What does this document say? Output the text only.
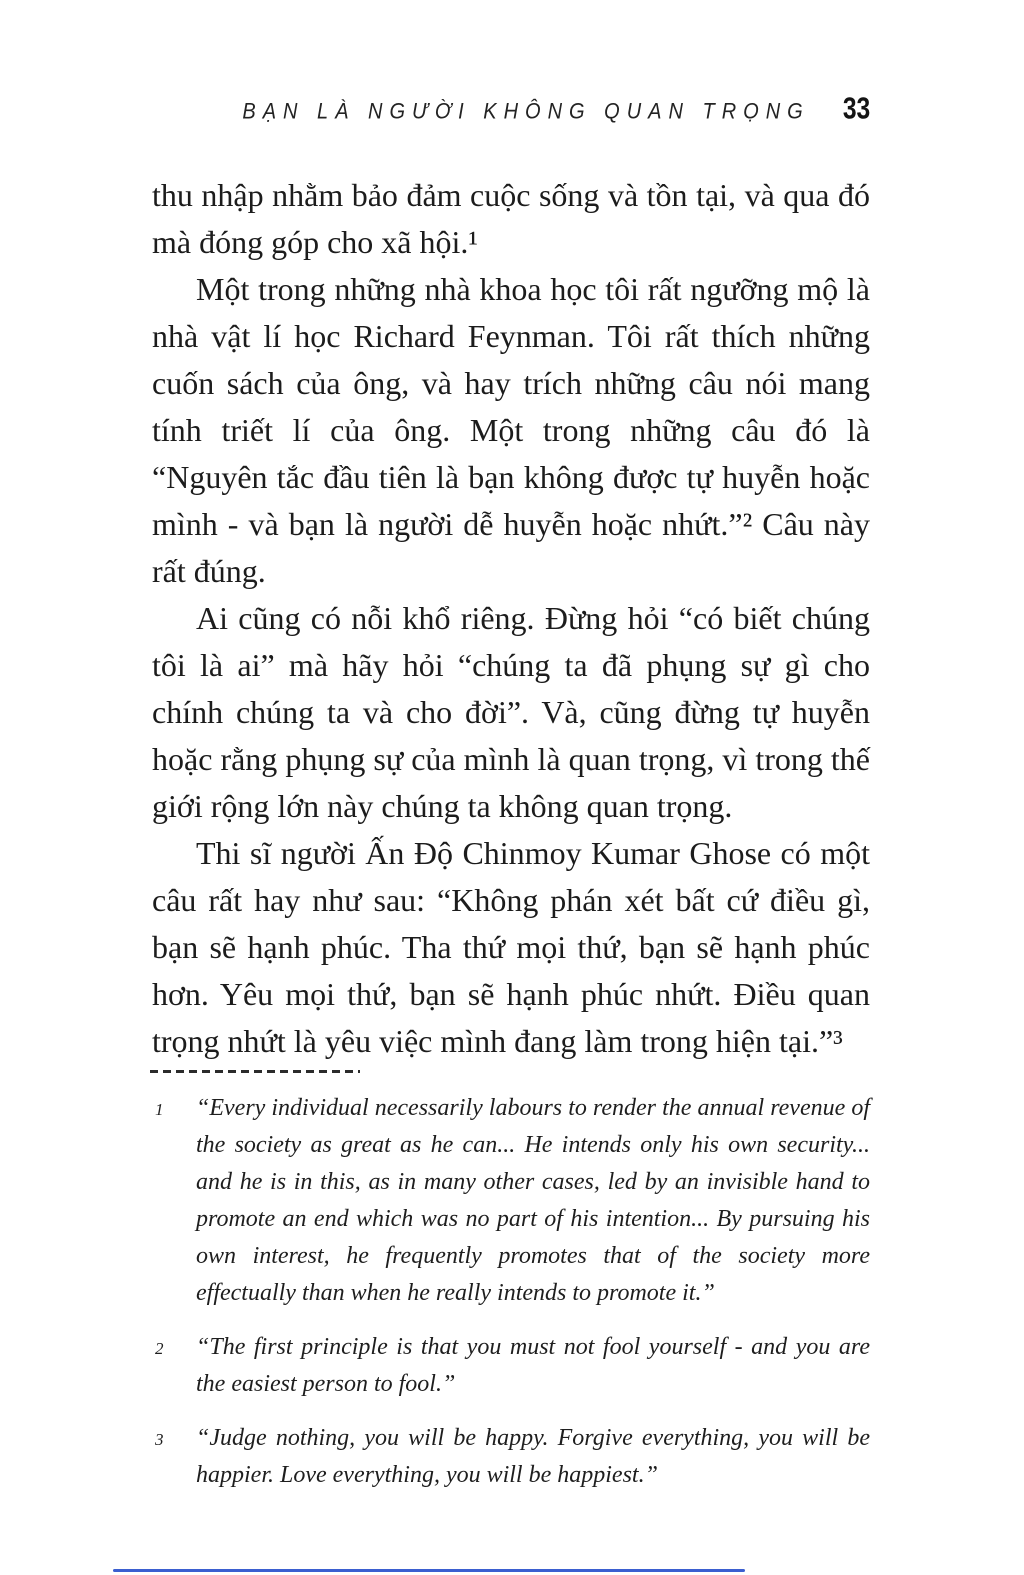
BẠN LÀ NGƯỜI KHÔNG QUAN TRỌNG 33

thu nhập nhằm bảo đảm cuộc sống và tồn tại, và qua đó mà đóng góp cho xã hội.¹

Một trong những nhà khoa học tôi rất ngưỡng mộ là nhà vật lí học Richard Feynman. Tôi rất thích những cuốn sách của ông, và hay trích những câu nói mang tính triết lí của ông. Một trong những câu đó là “Nguyên tắc đầu tiên là bạn không được tự huyễn hoặc mình - và bạn là người dễ huyễn hoặc nhứt.”² Câu này rất đúng.

Ai cũng có nỗi khổ riêng. Đừng hỏi “có biết chúng tôi là ai” mà hãy hỏi “chúng ta đã phụng sự gì cho chính chúng ta và cho đời”. Và, cũng đừng tự huyễn hoặc rằng phụng sự của mình là quan trọng, vì trong thế giới rộng lớn này chúng ta không quan trọng.

Thi sĩ người Ấn Độ Chinmoy Kumar Ghose có một câu rất hay như sau: “Không phán xét bất cứ điều gì, bạn sẽ hạnh phúc. Tha thứ mọi thứ, bạn sẽ hạnh phúc hơn. Yêu mọi thứ, bạn sẽ hạnh phúc nhứt. Điều quan trọng nhứt là yêu việc mình đang làm trong hiện tại.”³

1 “Every individual necessarily labours to render the annual revenue of the society as great as he can... He intends only his own security... and he is in this, as in many other cases, led by an invisible hand to promote an end which was no part of his intention... By pursuing his own interest, he frequently promotes that of the society more effectually than when he really intends to promote it.”
2 “The first principle is that you must not fool yourself - and you are the easiest person to fool.”
3 “Judge nothing, you will be happy. Forgive everything, you will be happier. Love everything, you will be happiest.”
